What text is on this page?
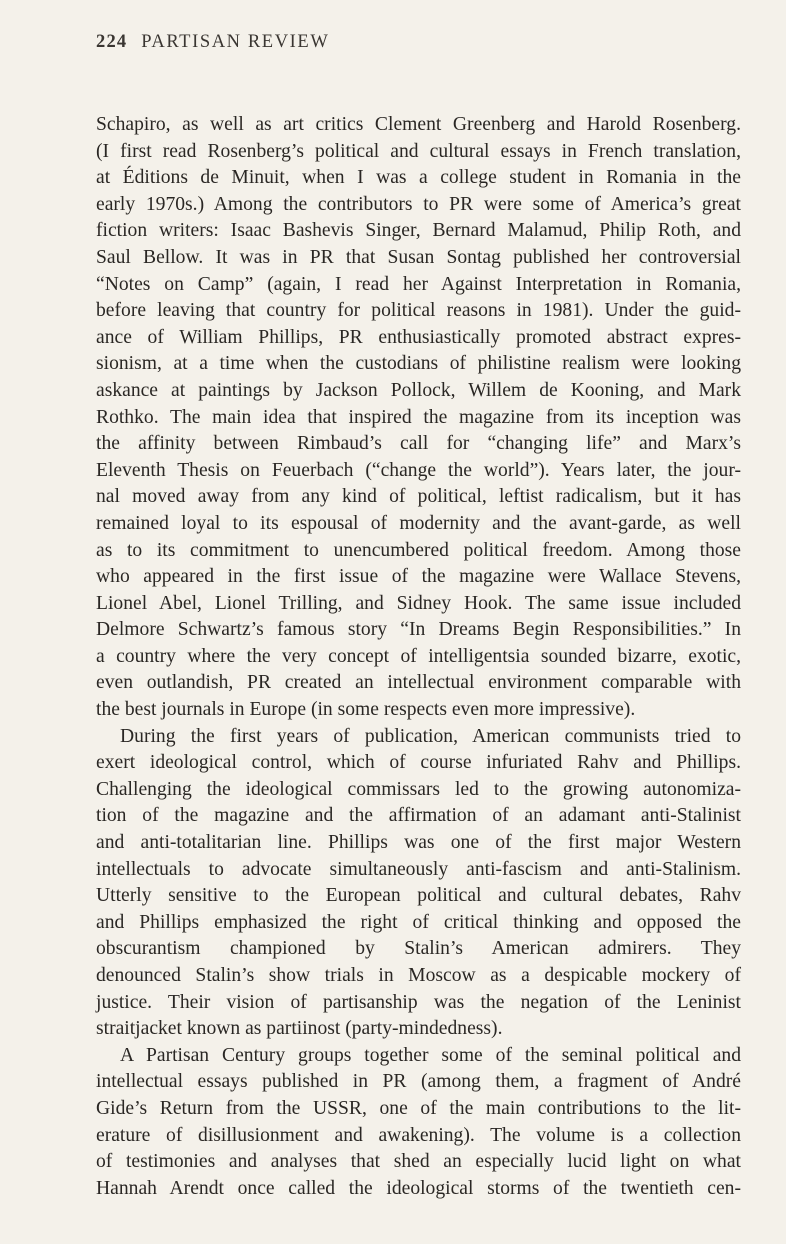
224 PARTISAN REVIEW

Schapiro, as well as art critics Clement Greenberg and Harold Rosenberg.

(I first read Rosenberg’s political and cultural essays in French translation,

at Éditions de Minuit, when I was a college student in Romania in the

early 1970s.) Among the contributors to PR were some of America’s great

fiction writers: Isaac Bashevis Singer, Bernard Malamud, Philip Roth, and

Saul Bellow. It was in PR that Susan Sontag published her controversial

“Notes on Camp” (again, I read her Against Interpretation in Romania,

before leaving that country for political reasons in 1981). Under the guid-

ance of William Phillips, PR enthusiastically promoted abstract expres-

sionism, at a time when the custodians of philistine realism were looking

askance at paintings by Jackson Pollock, Willem de Kooning, and Mark

Rothko. The main idea that inspired the magazine from its inception was

the affinity between Rimbaud’s call for “changing life” and Marx’s

Eleventh Thesis on Feuerbach (“change the world”). Years later, the jour-

nal moved away from any kind of political, leftist radicalism, but it has

remained loyal to its espousal of modernity and the avant-garde, as well

as to its commitment to unencumbered political freedom. Among those

who appeared in the first issue of the magazine were Wallace Stevens,

Lionel Abel, Lionel Trilling, and Sidney Hook. The same issue included

Delmore Schwartz’s famous story “In Dreams Begin Responsibilities.” In

a country where the very concept of intelligentsia sounded bizarre, exotic,

even outlandish, PR created an intellectual environment comparable with

the best journals in Europe (in some respects even more impressive).

During the first years of publication, American communists tried to

exert ideological control, which of course infuriated Rahv and Phillips.

Challenging the ideological commissars led to the growing autonomiza-

tion of the magazine and the affirmation of an adamant anti-Stalinist

and anti-totalitarian line. Phillips was one of the first major Western

intellectuals to advocate simultaneously anti-fascism and anti-Stalinism.

Utterly sensitive to the European political and cultural debates, Rahv

and Phillips emphasized the right of critical thinking and opposed the

obscurantism championed by Stalin’s American admirers. They

denounced Stalin’s show trials in Moscow as a despicable mockery of

justice. Their vision of partisanship was the negation of the Leninist

straitjacket known as partiinost (party-mindedness).

A Partisan Century groups together some of the seminal political and

intellectual essays published in PR (among them, a fragment of André

Gide’s Return from the USSR, one of the main contributions to the lit-

erature of disillusionment and awakening). The volume is a collection

of testimonies and analyses that shed an especially lucid light on what

Hannah Arendt once called the ideological storms of the twentieth cen-
